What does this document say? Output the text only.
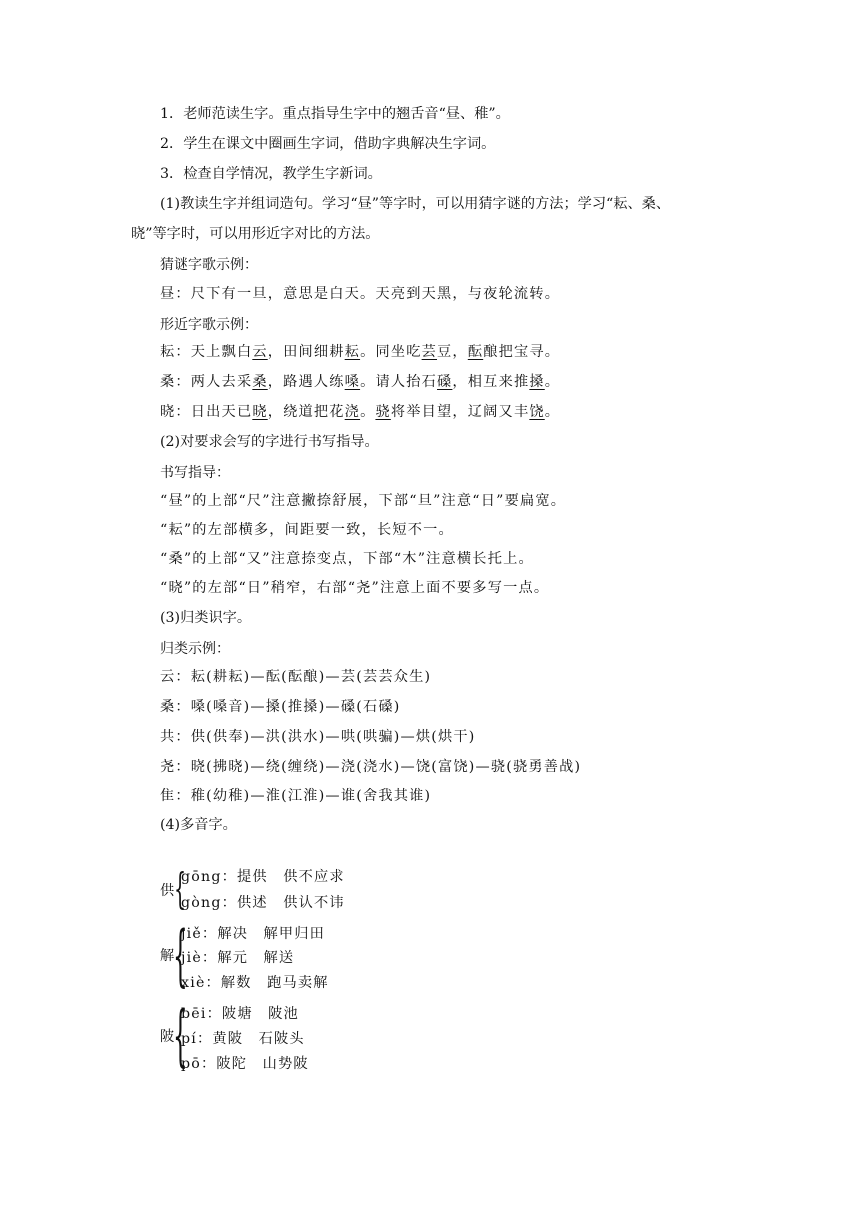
1．老师范读生字。重点指导生字中的翘舌音“昼、稚”。
2．学生在课文中圈画生字词，借助字典解决生字词。
3．检查自学情况，教学生字新词。
(1)教读生字并组词造句。学习“昼”等字时，可以用猜字谜的方法；学习“耘、桑、
晓”等字时，可以用形近字对比的方法。
猜谜字歌示例：
昼：尺下有一旦，意思是白天。天亮到天黑，与夜轮流转。
形近字歌示例：
耘：天上飘白云，田间细耕耘。同坐吃芸豆，酝酿把宝寻。
桑：两人去采桑，路遇人练嗓。请人抬石磉，相互来推搡。
晓：日出天已晓，绕道把花浇。骁将举目望，辽阔又丰饶。
(2)对要求会写的字进行书写指导。
书写指导：
“昼”的上部“尺”注意撇捺舒展，下部“旦”注意“日”要扁宽。
“耘”的左部横多，间距要一致，长短不一。
“桑”的上部“又”注意捺变点，下部“木”注意横长托上。
“晓”的左部“日”稍窄，右部“尧”注意上面不要多写一点。
(3)归类识字。
归类示例：
云：耘(耕耘)—酝(酝酿)—芸(芸芸众生)
桑：嗓(嗓音)—搡(推搡)—磉(石磉)
共：供(供奉)—洪(洪水)—哄(哄骗)—烘(烘干)
尧：晓(拂晓)—绕(缠绕)—浇(浇水)—饶(富饶)—骁(骁勇善战)
隹：稚(幼稚)—淮(江淮)—谁(舍我其谁)
(4)多音字。
供 {
gōng：提供　供不应求
gòng：供述　供认不讳
解
{
jiě：解决　解甲归田
jiè：解元　解送
xiè：解数　跑马卖解
陂
{
bēi：陂塘　陂池
pí：黄陂　石陂头
pō：陂陀　山势陂
